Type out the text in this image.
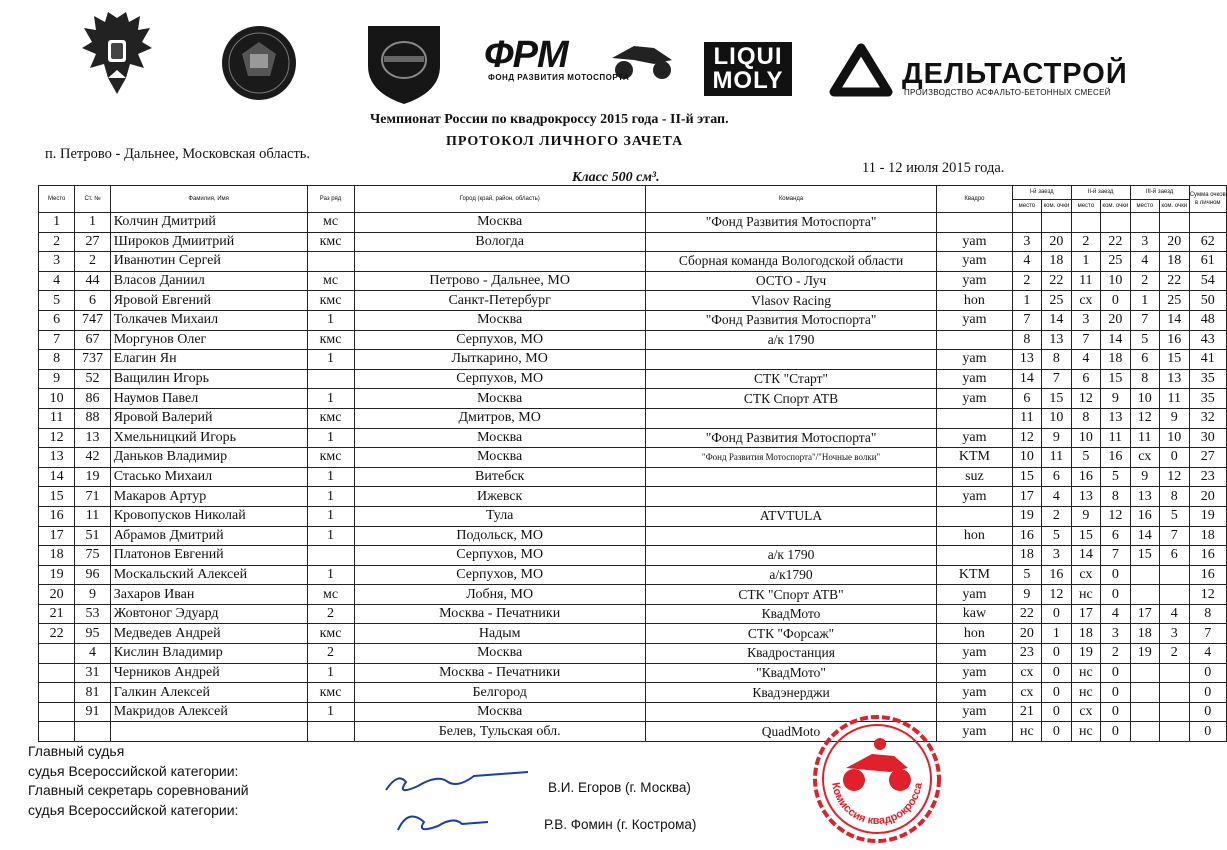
ФРМ
ФОНД РАЗВИТИЯ МОТОСПОРТА
LIQUI
MOLY	ДЕЛЬТАСТРОЙ
ПРОИЗВОДСТВО АСФАЛЬТО-БЕТОННЫХ СМЕСЕЙ
Чемпионат России по квадрокроссу 2015 года - II-й этап.
ПРОТОКОЛ ЛИЧНОГО ЗАЧЕТА
п. Петрово - Дальнее, Московская область.
11 - 12 июля 2015 года.
Класс 500 см³.
Место	Ст. №	Фамилия, Имя	Раз ряд	Город (край, район, область)	Команда	Квадро	I-й заезд		II-й заезд		III-й заезд		Сумма очков в личном
							место	ком. очки	место	ком. очки	место	ком. очки	
1	1	Колчин Дмитрий	мс	Москва	"Фонд Развития Мотоспорта"								
2	27	Широков Дмиитрий	кмс	Вологда		yam	3	20	2	22	3	20	62
3	2	Иванютин Сергей			Сборная команда Вологодской области	yam	4	18	1	25	4	18	61
4	44	Власов Даниил	мс	Петрово - Дальнее, МО	ОСТО - Луч	yam	2	22	11	10	2	22	54
5	6	Яровой Евгений	кмс	Санкт-Петербург	Vlasov Racing	hon	1	25	сх	0	1	25	50
6	747	Толкачев Михаил	1	Москва	"Фонд Развития Мотоспорта"	yam	7	14	3	20	7	14	48
7	67	Моргунов Олег	кмс	Серпухов, МО	а/к 1790		8	13	7	14	5	16	43
8	737	Елагин Ян	1	Лыткарино, МО		yam	13	8	4	18	6	15	41
9	52	Ващилин Игорь		Серпухов, МО	СТК "Старт"	yam	14	7	6	15	8	13	35
10	86	Наумов Павел	1	Москва	СТК Спорт АТВ	yam	6	15	12	9	10	11	35
11	88	Яровой Валерий	кмс	Дмитров, МО			11	10	8	13	12	9	32
12	13	Хмельницкий Игорь	1	Москва	"Фонд Развития Мотоспорта"	yam	12	9	10	11	11	10	30
13	42	Даньков Владимир	кмс	Москва	"Фонд Развития Мотоспорта"/"Ночные волки"	KTM	10	11	5	16	сх	0	27
14	19	Стасько Михаил	1	Витебск		suz	15	6	16	5	9	12	23
15	71	Макаров Артур	1	Ижевск		yam	17	4	13	8	13	8	20
16	11	Кровопусков Николай	1	Тула	ATVTULA		19	2	9	12	16	5	19
17	51	Абрамов Дмитрий	1	Подольск, МО		hon	16	5	15	6	14	7	18
18	75	Платонов Евгений		Серпухов, МО	а/к 1790		18	3	14	7	15	6	16
19	96	Москальский Алексей	1	Серпухов, МО	а/к1790	KTM	5	16	сх	0			16
20	9	Захаров Иван	мс	Лобня, МО	СТК "Спорт АТВ"	yam	9	12	нс	0			12
21	53	Жовтоног Эдуард	2	Москва - Печатники	КвадМото	kaw	22	0	17	4	17	4	8
22	95	Медведев Андрей	кмс	Надым	СТК "Форсаж"	hon	20	1	18	3	18	3	7
	4	Кислин Владимир	2	Москва	Квадростанция	yam	23	0	19	2	19	2	4
	31	Черников Андрей	1	Москва - Печатники	"КвадМото"	yam	сх	0	нс	0			0
	81	Галкин Алексей	кмс	Белгород	Квадэнерджи	yam	сх	0	нс	0			0
	91	Макридов Алексей	1	Москва		yam	21	0	сх	0			0
				Белев, Тульская обл.	QuadMoto	yam	нс	0	нс	0			0
Главный судья
судья Всероссийской категории:
Главный секретарь соревнований
судья Всероссийской категории:
В.И. Егоров (г. Москва)
Р.В. Фомин (г. Кострома)
Комиссия квадрокросса
